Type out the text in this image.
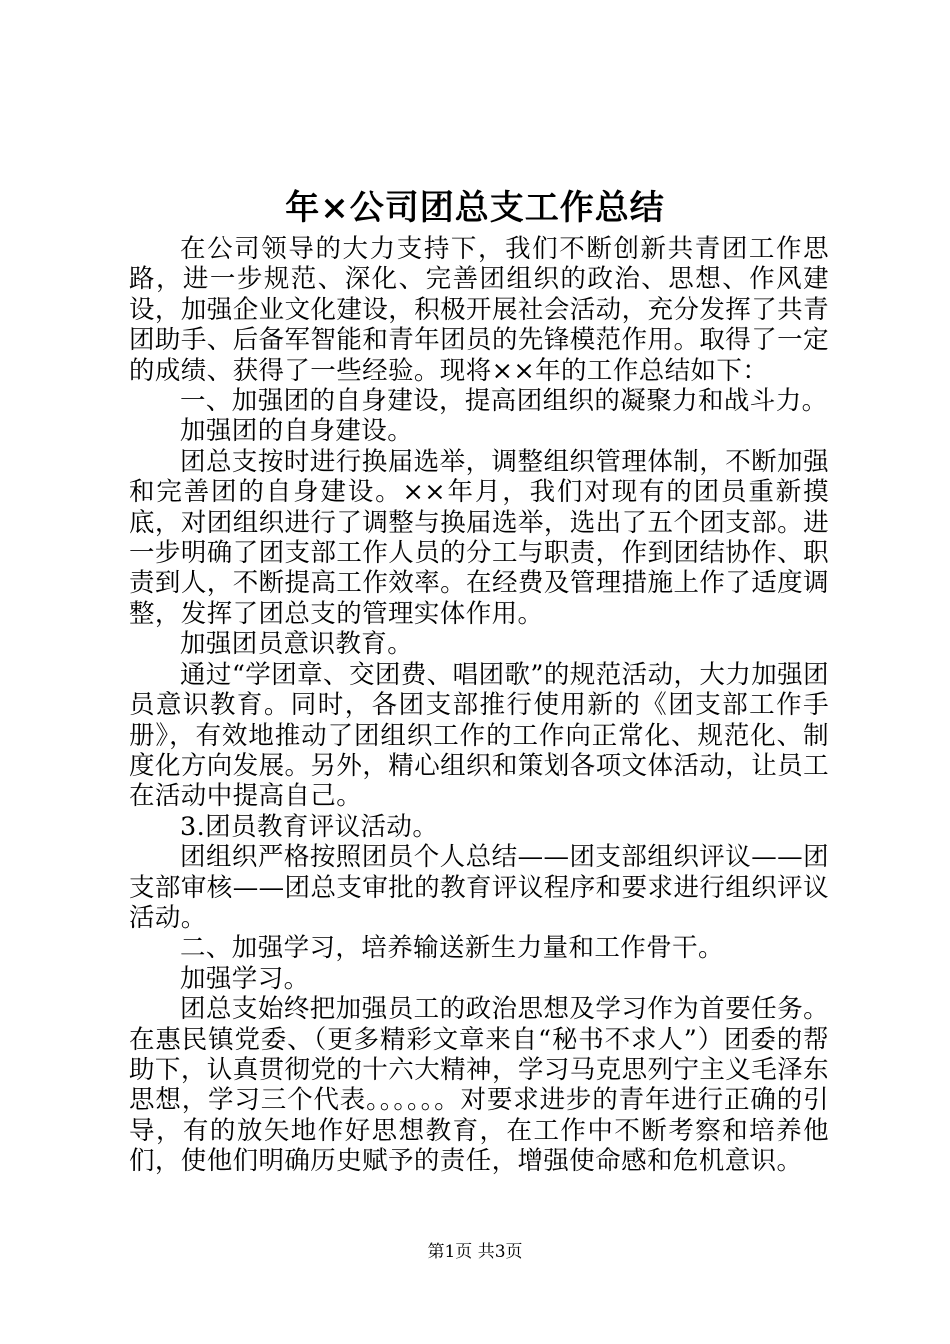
年×公司团总支工作总结

在公司领导的大力支持下，我们不断创新共青团工作思路，进一步规范、深化、完善团组织的政治、思想、作风建设，加强企业文化建设，积极开展社会活动，充分发挥了共青团助手、后备军智能和青年团员的先锋模范作用。取得了一定的成绩、获得了一些经验。现将××年的工作总结如下：

一、加强团的自身建设，提高团组织的凝聚力和战斗力。

加强团的自身建设。

团总支按时进行换届选举，调整组织管理体制，不断加强和完善团的自身建设。××年月，我们对现有的团员重新摸底，对团组织进行了调整与换届选举，选出了五个团支部。进一步明确了团支部工作人员的分工与职责，作到团结协作、职责到人，不断提高工作效率。在经费及管理措施上作了适度调整，发挥了团总支的管理实体作用。

加强团员意识教育。

通过“学团章、交团费、唱团歌”的规范活动，大力加强团员意识教育。同时，各团支部推行使用新的《团支部工作手册》，有效地推动了团组织工作的工作向正常化、规范化、制度化方向发展。另外，精心组织和策划各项文体活动，让员工在活动中提高自己。

3.团员教育评议活动。

团组织严格按照团员个人总结——团支部组织评议——团支部审核——团总支审批的教育评议程序和要求进行组织评议活动。

二、加强学习，培养输送新生力量和工作骨干。

加强学习。

团总支始终把加强员工的政治思想及学习作为首要任务。在惠民镇党委、（更多精彩文章来自“秘书不求人”）团委的帮助下，认真贯彻党的十六大精神，学习马克思列宁主义毛泽东思想，学习三个代表。。。。。。对要求进步的青年进行正确的引导，有的放矢地作好思想教育，在工作中不断考察和培养他们，使他们明确历史赋予的责任，增强使命感和危机意识。

第1页 共3页
